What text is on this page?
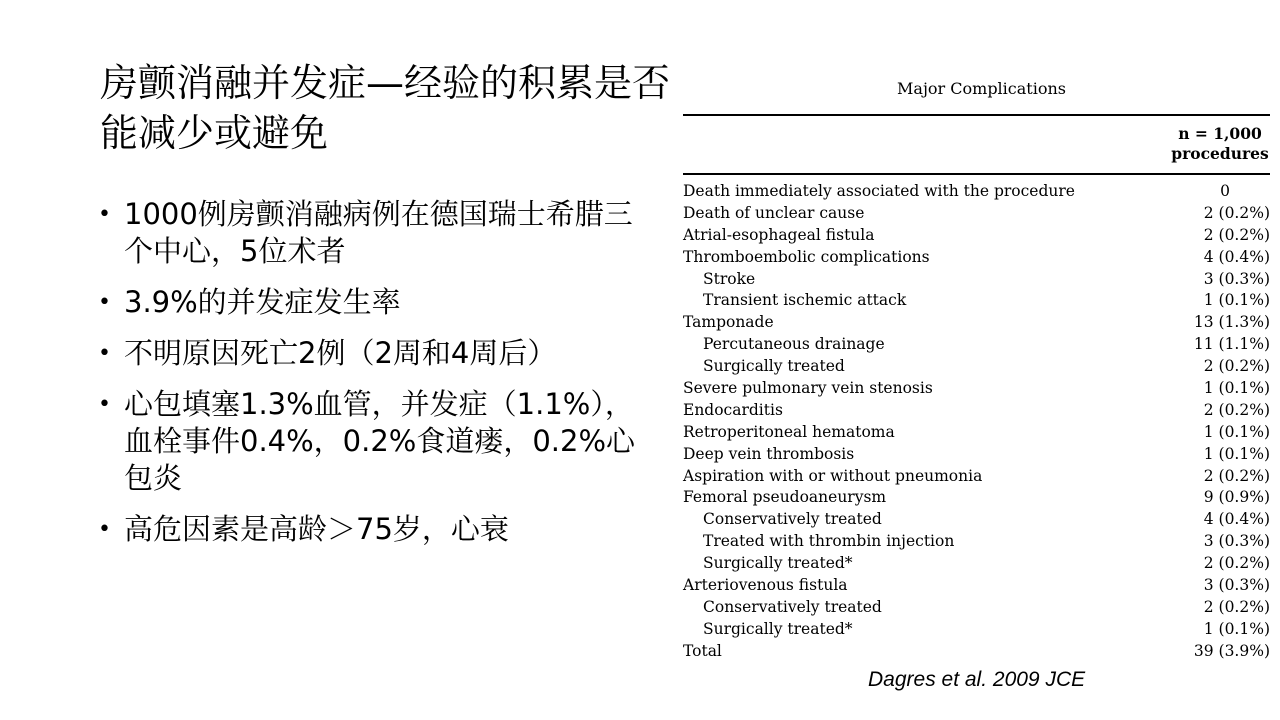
房颤消融并发症—经验的积累是否能减少或避免
• 1000例房颤消融病例在德国瑞士希腊三个中心，5位术者
• 3.9%的并发症发生率
• 不明原因死亡2例（2周和4周后）
• 心包填塞1.3%血管，并发症（1.1%），血栓事件0.4%，0.2%食道瘘，0.2%心包炎
• 高危因素是高龄＞75岁，心衰
Major Complications
n = 1,000
procedures
Death immediately associated with the procedure	0
Death of unclear cause	2 (0.2%)
Atrial-esophageal fistula	2 (0.2%)
Thromboembolic complications	4 (0.4%)
Stroke	3 (0.3%)
Transient ischemic attack	1 (0.1%)
Tamponade	13 (1.3%)
Percutaneous drainage	11 (1.1%)
Surgically treated	2 (0.2%)
Severe pulmonary vein stenosis	1 (0.1%)
Endocarditis	2 (0.2%)
Retroperitoneal hematoma	1 (0.1%)
Deep vein thrombosis	1 (0.1%)
Aspiration with or without pneumonia	2 (0.2%)
Femoral pseudoaneurysm	9 (0.9%)
Conservatively treated	4 (0.4%)
Treated with thrombin injection	3 (0.3%)
Surgically treated*	2 (0.2%)
Arteriovenous fistula	3 (0.3%)
Conservatively treated	2 (0.2%)
Surgically treated*	1 (0.1%)
Total	39 (3.9%)
Dagres et al. 2009 JCE
